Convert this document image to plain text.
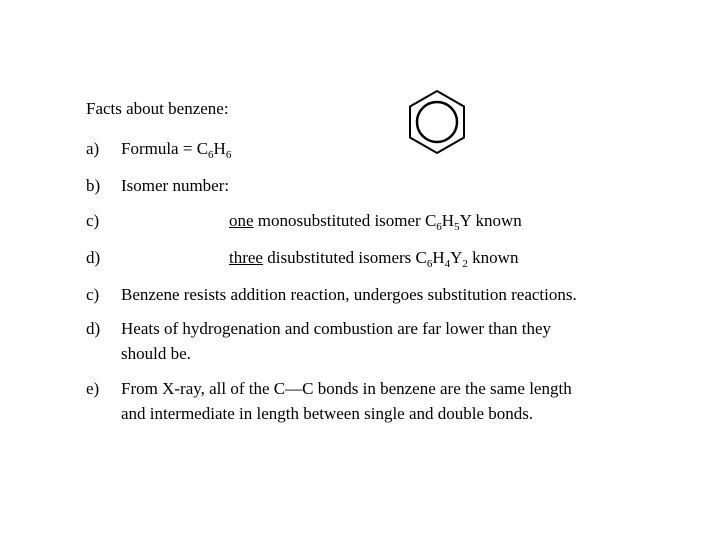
Facts about benzene:
a) Formula = $C_6H_6$
b) Isomer number:
c)	one monosubstituted isomer $C_6H_5Y$ known
d)	three disubstituted isomers $C_6H_4Y_2$ known
c) Benzene resists addition reaction, undergoes substitution reactions.
d) Heats of hydrogenation and combustion are far lower than they
should be.
e) From X-ray, all of the C—C bonds in benzene are the same length
and intermediate in length between single and double bonds.
